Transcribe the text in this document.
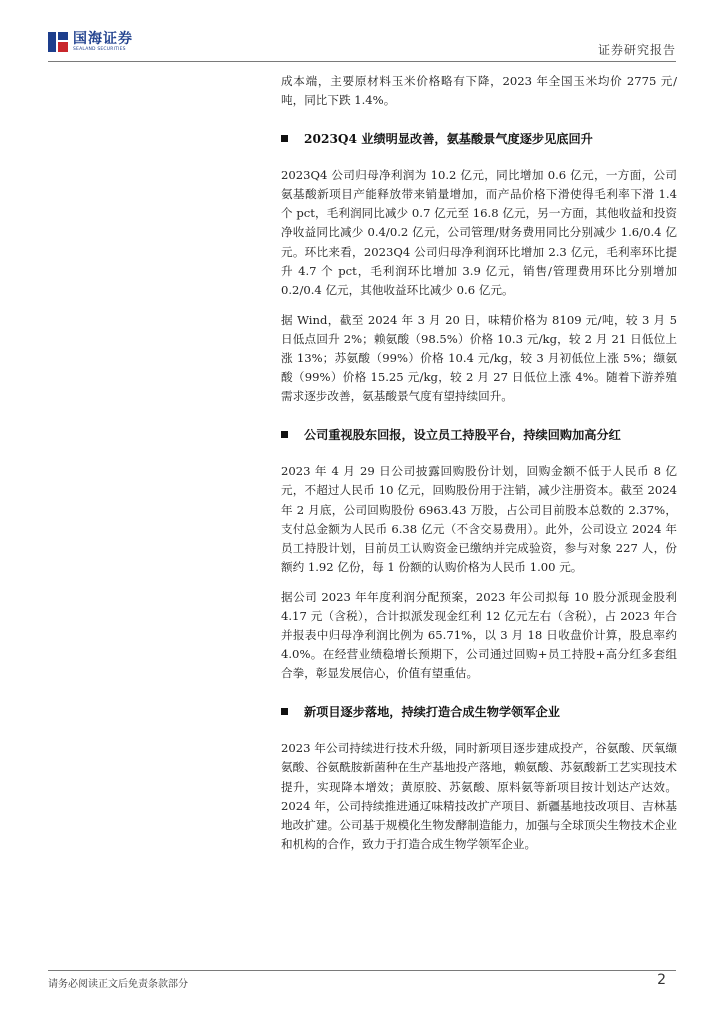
国海证券
SEALAND SECURITIES	证券研究报告

成本端，主要原材料玉米价格略有下降，2023 年全国玉米均价 2775 元/吨，同比下跌 1.4%。

2023Q4 业绩明显改善，氨基酸景气度逐步见底回升

2023Q4 公司归母净利润为 10.2 亿元，同比增加 0.6 亿元，一方面，公司氨基酸新项目产能释放带来销量增加，而产品价格下滑使得毛利率下滑 1.4 个 pct，毛利润同比减少 0.7 亿元至 16.8 亿元，另一方面，其他收益和投资净收益同比减少 0.4/0.2 亿元，公司管理/财务费用同比分别减少 1.6/0.4 亿元。环比来看，2023Q4 公司归母净利润环比增加 2.3 亿元，毛利率环比提升 4.7 个 pct，毛利润环比增加 3.9 亿元，销售/管理费用环比分别增加 0.2/0.4 亿元，其他收益环比减少 0.6 亿元。

据 Wind，截至 2024 年 3 月 20 日，味精价格为 8109 元/吨，较 3 月 5 日低点回升 2%；赖氨酸（98.5%）价格 10.3 元/kg，较 2 月 21 日低位上涨 13%；苏氨酸（99%）价格 10.4 元/kg，较 3 月初低位上涨 5%；缬氨酸（99%）价格 15.25 元/kg，较 2 月 27 日低位上涨 4%。随着下游养殖需求逐步改善，氨基酸景气度有望持续回升。

公司重视股东回报，设立员工持股平台，持续回购加高分红

2023 年 4 月 29 日公司披露回购股份计划，回购金额不低于人民币 8 亿元，不超过人民币 10 亿元，回购股份用于注销，减少注册资本。截至 2024 年 2 月底，公司回购股份 6963.43 万股，占公司目前股本总数的 2.37%，支付总金额为人民币 6.38 亿元（不含交易费用）。此外，公司设立 2024 年员工持股计划，目前员工认购资金已缴纳并完成验资，参与对象 227 人，份额约 1.92 亿份，每 1 份额的认购价格为人民币 1.00 元。

据公司 2023 年年度利润分配预案，2023 年公司拟每 10 股分派现金股利 4.17 元（含税），合计拟派发现金红利 12 亿元左右（含税），占 2023 年合并报表中归母净利润比例为 65.71%，以 3 月 18 日收盘价计算，股息率约 4.0%。在经营业绩稳增长预期下，公司通过回购+员工持股+高分红多套组合拳，彰显发展信心，价值有望重估。

新项目逐步落地，持续打造合成生物学领军企业

2023 年公司持续进行技术升级，同时新项目逐步建成投产，谷氨酸、厌氧缬氨酸、谷氨酰胺新菌种在生产基地投产落地，赖氨酸、苏氨酸新工艺实现技术提升，实现降本增效；黄原胶、苏氨酸、原料氨等新项目按计划达产达效。2024 年，公司持续推进通辽味精技改扩产项目、新疆基地技改项目、吉林基地改扩建。公司基于规模化生物发酵制造能力，加强与全球顶尖生物技术企业和机构的合作，致力于打造合成生物学领军企业。

请务必阅读正文后免责条款部分	2
